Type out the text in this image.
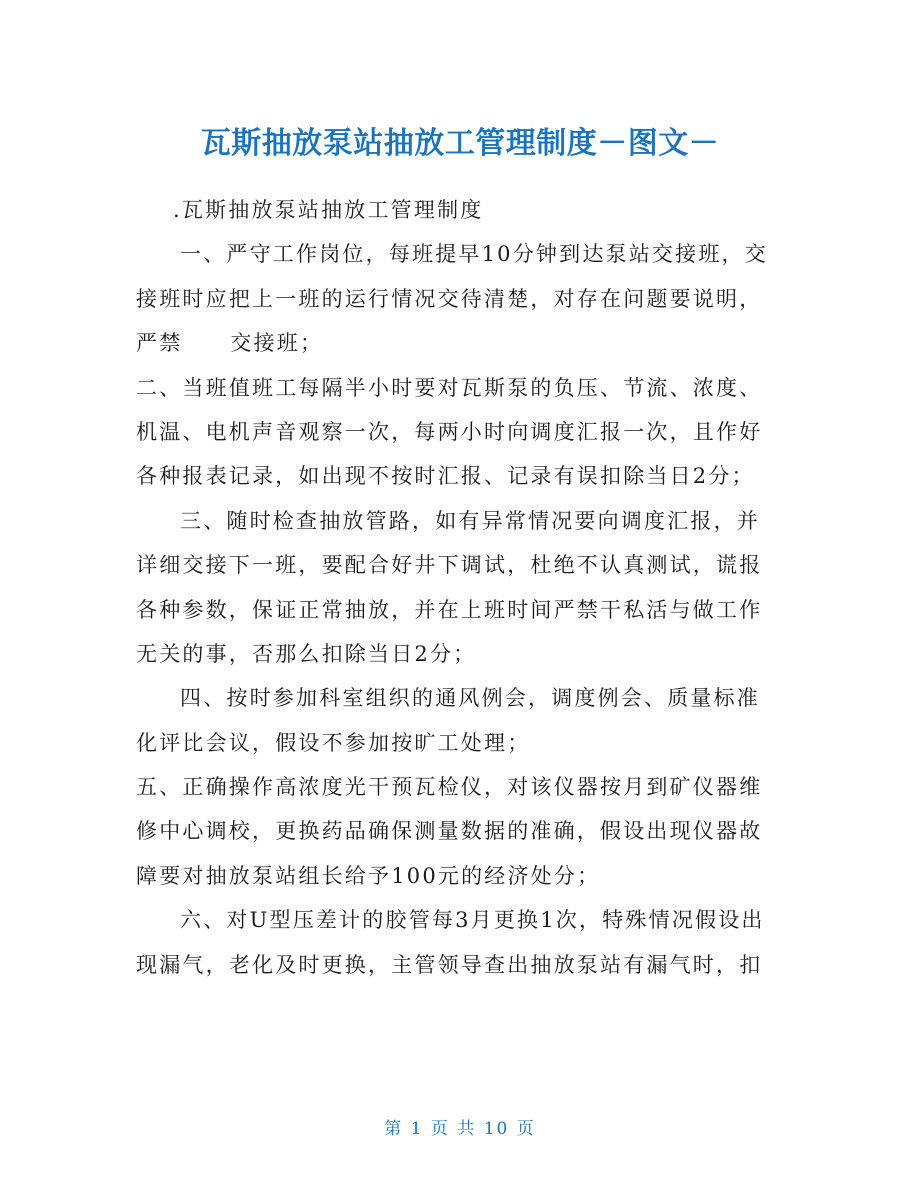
瓦斯抽放泵站抽放工管理制度－图文－
.瓦斯抽放泵站抽放工管理制度
一、严守工作岗位，每班提早10分钟到达泵站交接班，交
接班时应把上一班的运行情况交待清楚，对存在问题要说明，
严禁 交接班；
二、当班值班工每隔半小时要对瓦斯泵的负压、节流、浓度、
机温、电机声音观察一次，每两小时向调度汇报一次，且作好
各种报表记录，如出现不按时汇报、记录有误扣除当日2分；
三、随时检查抽放管路，如有异常情况要向调度汇报，并
详细交接下一班，要配合好井下调试，杜绝不认真测试，谎报
各种参数，保证正常抽放，并在上班时间严禁干私活与做工作
无关的事，否那么扣除当日2分；
四、按时参加科室组织的通风例会，调度例会、质量标准
化评比会议，假设不参加按旷工处理；
五、正确操作高浓度光干预瓦检仪，对该仪器按月到矿仪器维
修中心调校，更换药品确保测量数据的准确，假设出现仪器故
障要对抽放泵站组长给予100元的经济处分；
六、对U型压差计的胶管每3月更换1次，特殊情况假设出
现漏气，老化及时更换，主管领导查出抽放泵站有漏气时，扣
第 1 页 共 10 页
